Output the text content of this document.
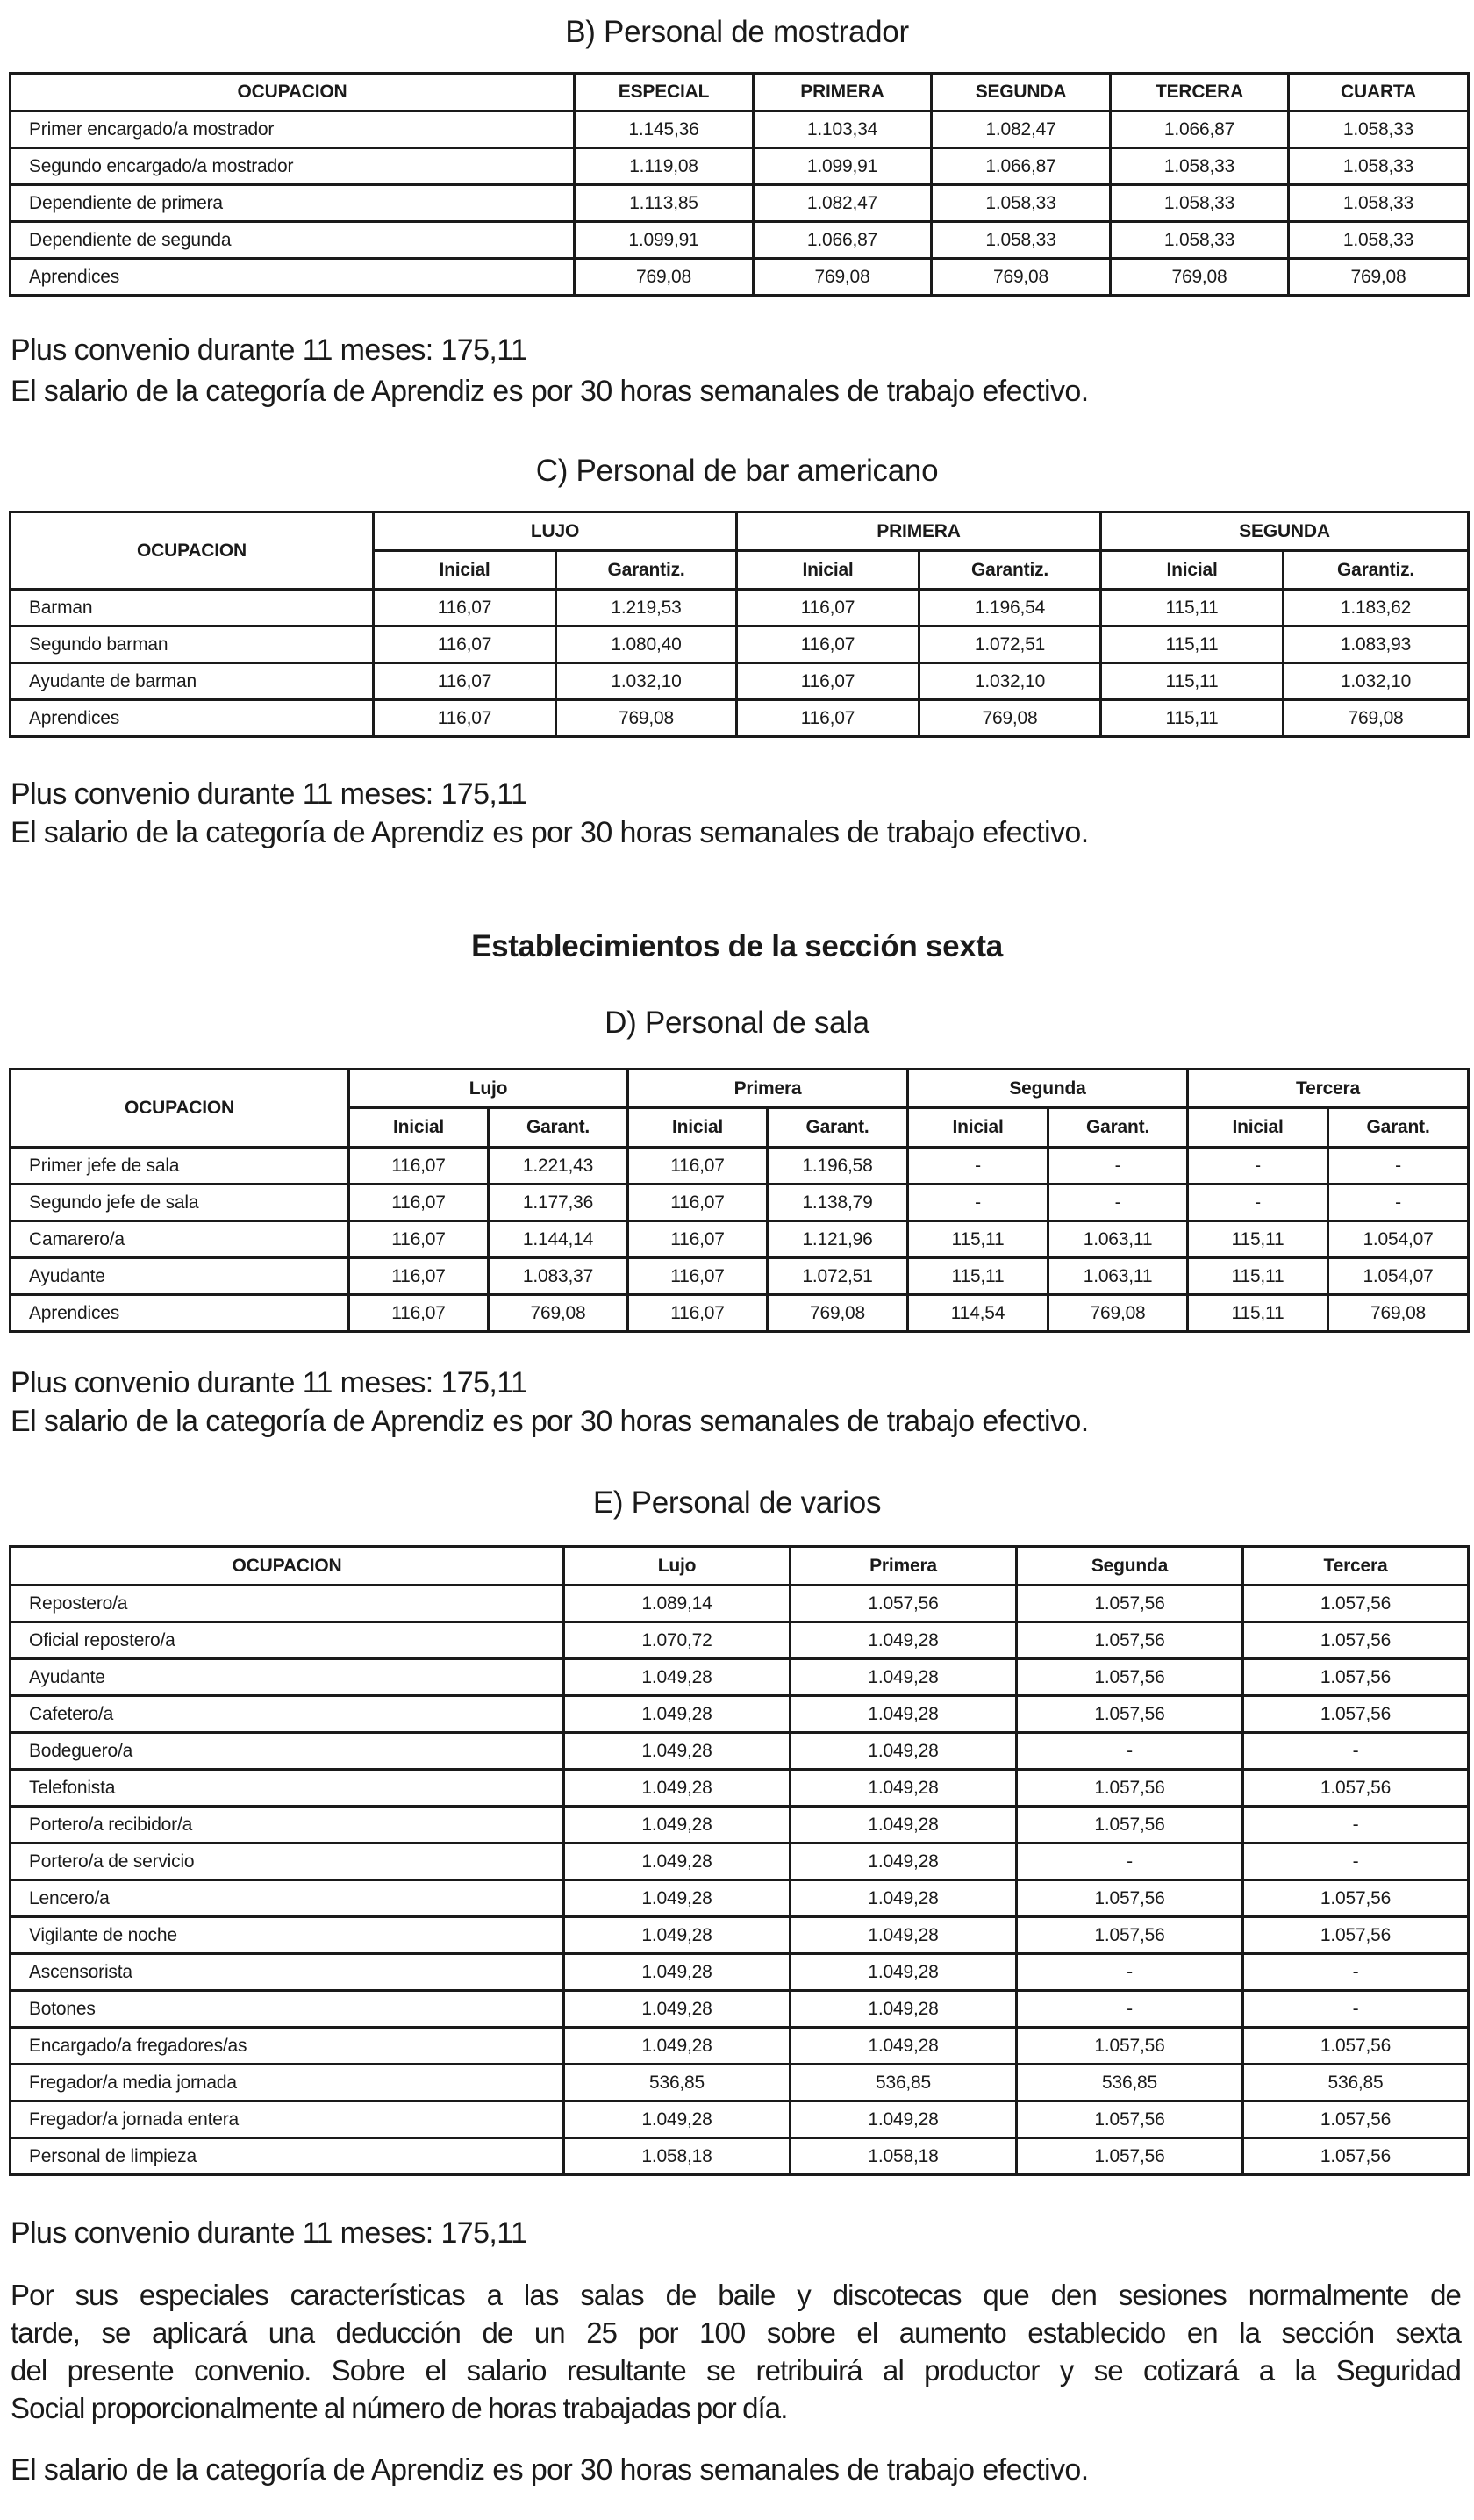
B) Personal de mostrador
OCUPACION	ESPECIAL	PRIMERA	SEGUNDA	TERCERA	CUARTA
Primer encargado/a mostrador	1.145,36	1.103,34	1.082,47	1.066,87	1.058,33
Segundo encargado/a mostrador	1.119,08	1.099,91	1.066,87	1.058,33	1.058,33
Dependiente de primera	1.113,85	1.082,47	1.058,33	1.058,33	1.058,33
Dependiente de segunda	1.099,91	1.066,87	1.058,33	1.058,33	1.058,33
Aprendices	769,08	769,08	769,08	769,08	769,08
Plus convenio durante 11 meses: 175,11
El salario de la categoría de Aprendiz es por 30 horas semanales de trabajo efectivo.
C) Personal de bar americano
OCUPACION	LUJO		PRIMERA		SEGUNDA	
	Inicial	Garantiz.	Inicial	Garantiz.	Inicial	Garantiz.
Barman	116,07	1.219,53	116,07	1.196,54	115,11	1.183,62
Segundo barman	116,07	1.080,40	116,07	1.072,51	115,11	1.083,93
Ayudante de barman	116,07	1.032,10	116,07	1.032,10	115,11	1.032,10
Aprendices	116,07	769,08	116,07	769,08	115,11	769,08
Plus convenio durante 11 meses: 175,11
El salario de la categoría de Aprendiz es por 30 horas semanales de trabajo efectivo.
Establecimientos de la sección sexta
D) Personal de sala
OCUPACION	Lujo		Primera		Segunda		Tercera	
	Inicial	Garant.	Inicial	Garant.	Inicial	Garant.	Inicial	Garant.
Primer jefe de sala	116,07	1.221,43	116,07	1.196,58	-	-	-	-
Segundo jefe de sala	116,07	1.177,36	116,07	1.138,79	-	-	-	-
Camarero/a	116,07	1.144,14	116,07	1.121,96	115,11	1.063,11	115,11	1.054,07
Ayudante	116,07	1.083,37	116,07	1.072,51	115,11	1.063,11	115,11	1.054,07
Aprendices	116,07	769,08	116,07	769,08	114,54	769,08	115,11	769,08
Plus convenio durante 11 meses: 175,11
El salario de la categoría de Aprendiz es por 30 horas semanales de trabajo efectivo.
E) Personal de varios
OCUPACION	Lujo	Primera	Segunda	Tercera
Repostero/a	1.089,14	1.057,56	1.057,56	1.057,56
Oficial repostero/a	1.070,72	1.049,28	1.057,56	1.057,56
Ayudante	1.049,28	1.049,28	1.057,56	1.057,56
Cafetero/a	1.049,28	1.049,28	1.057,56	1.057,56
Bodeguero/a	1.049,28	1.049,28	-	-
Telefonista	1.049,28	1.049,28	1.057,56	1.057,56
Portero/a recibidor/a	1.049,28	1.049,28	1.057,56	-
Portero/a de servicio	1.049,28	1.049,28	-	-
Lencero/a	1.049,28	1.049,28	1.057,56	1.057,56
Vigilante de noche	1.049,28	1.049,28	1.057,56	1.057,56
Ascensorista	1.049,28	1.049,28	-	-
Botones	1.049,28	1.049,28	-	-
Encargado/a fregadores/as	1.049,28	1.049,28	1.057,56	1.057,56
Fregador/a media jornada	536,85	536,85	536,85	536,85
Fregador/a jornada entera	1.049,28	1.049,28	1.057,56	1.057,56
Personal de limpieza	1.058,18	1.058,18	1.057,56	1.057,56
Plus convenio durante 11 meses: 175,11
Por sus especiales características a las salas de baile y discotecas que den sesiones normalmente de
tarde, se aplicará una deducción de un 25 por 100 sobre el aumento establecido en la sección sexta
del presente convenio. Sobre el salario resultante se retribuirá al productor y se cotizará a la Seguridad
Social proporcionalmente al número de horas trabajadas por día.
El salario de la categoría de Aprendiz es por 30 horas semanales de trabajo efectivo.
